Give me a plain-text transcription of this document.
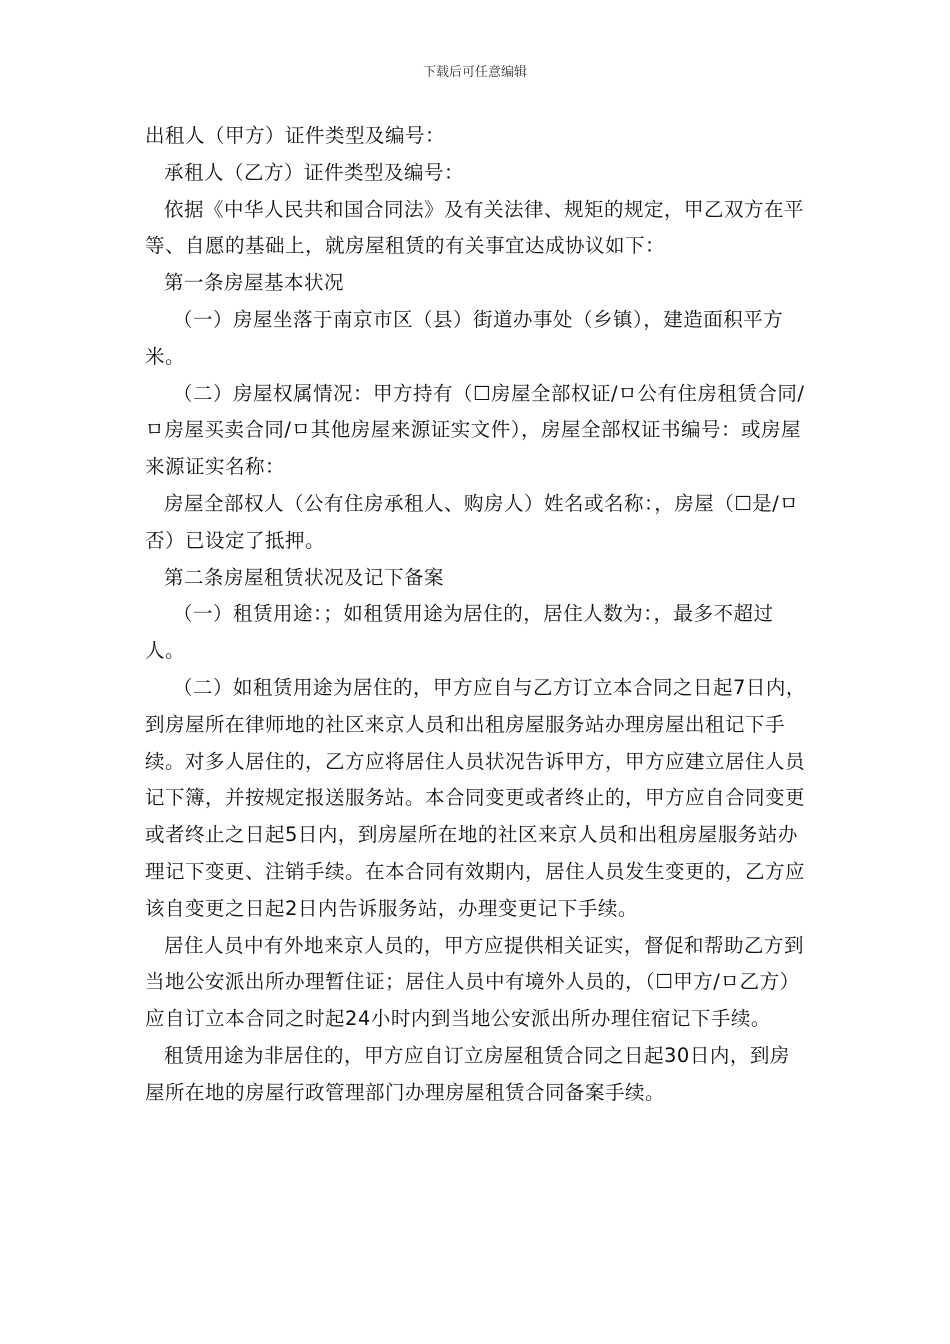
下载后可任意编辑

出租人（甲方）证件类型及编号：

承租人（乙方）证件类型及编号：

依据《中华人民共和国合同法》及有关法律、规矩的规定，甲乙双方在平等、自愿的基础上，就房屋租赁的有关事宜达成协议如下：

第一条房屋基本状况

（一）房屋坐落于南京市区（县）街道办事处（乡镇），建造面积平方米。

（二）房屋权属情况：甲方持有（☐房屋全部权证/ㅁ公有住房租赁合同/ㅁ房屋买卖合同/ㅁ其他房屋来源证实文件），房屋全部权证书编号：或房屋来源证实名称：

房屋全部权人（公有住房承租人、购房人）姓名或名称：，房屋（☐是/ㅁ否）已设定了抵押。

第二条房屋租赁状况及记下备案

（一）租赁用途：；如租赁用途为居住的，居住人数为：，最多不超过人。

（二）如租赁用途为居住的，甲方应自与乙方订立本合同之日起7日内，到房屋所在律师地的社区来京人员和出租房屋服务站办理房屋出租记下手续。对多人居住的，乙方应将居住人员状况告诉甲方，甲方应建立居住人员记下簿，并按规定报送服务站。本合同变更或者终止的，甲方应自合同变更或者终止之日起5日内，到房屋所在地的社区来京人员和出租房屋服务站办理记下变更、注销手续。在本合同有效期内，居住人员发生变更的，乙方应该自变更之日起2日内告诉服务站，办理变更记下手续。

居住人员中有外地来京人员的，甲方应提供相关证实，督促和帮助乙方到当地公安派出所办理暂住证；居住人员中有境外人员的，（☐甲方/ㅁ乙方）应自订立本合同之时起24小时内到当地公安派出所办理住宿记下手续。

租赁用途为非居住的，甲方应自订立房屋租赁合同之日起30日内，到房屋所在地的房屋行政管理部门办理房屋租赁合同备案手续。
